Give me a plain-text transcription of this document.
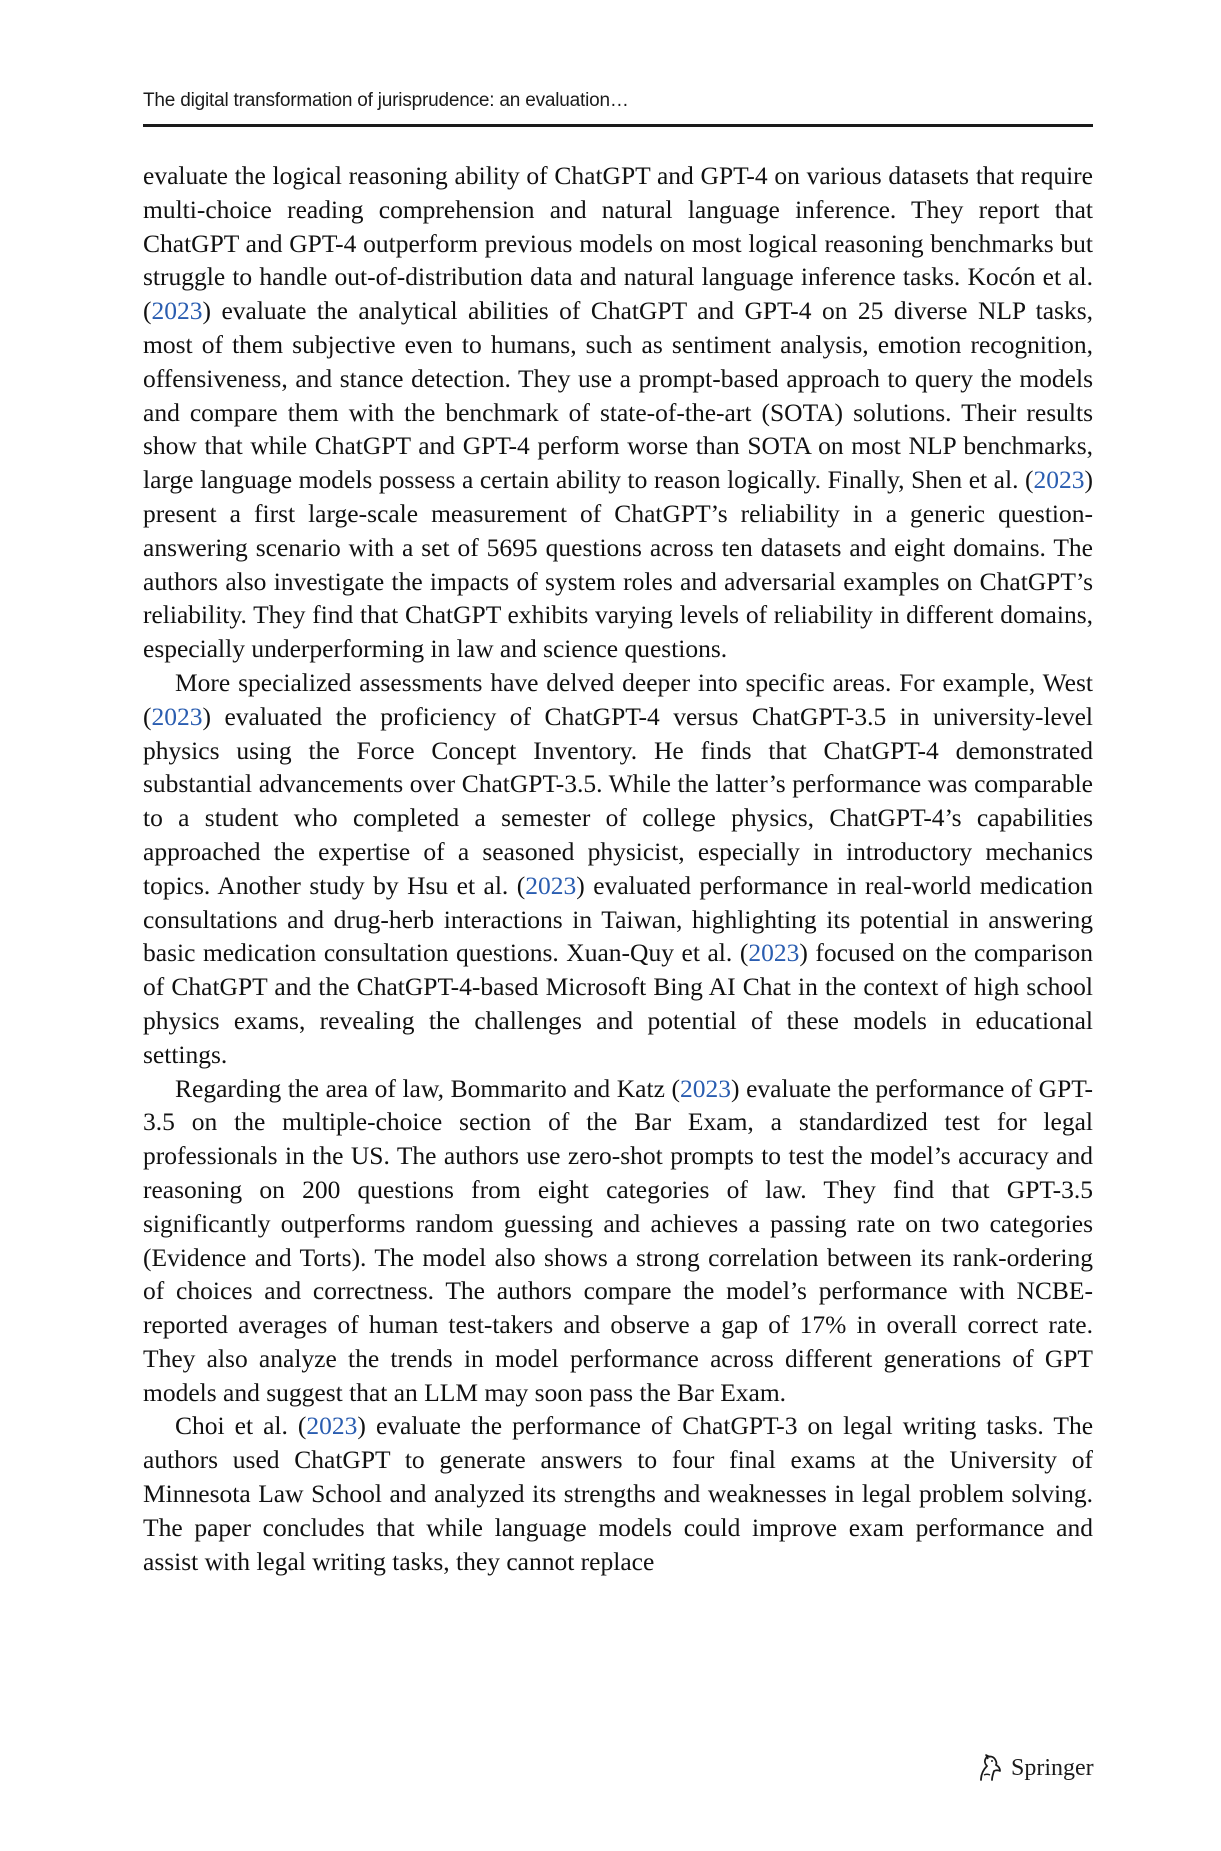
The digital transformation of jurisprudence: an evaluation…

evaluate the logical reasoning ability of ChatGPT and GPT-4 on various datasets that require multi-choice reading comprehension and natural language inference. They report that ChatGPT and GPT-4 outperform previous models on most logical reasoning benchmarks but struggle to handle out-of-distribution data and natural language inference tasks. Kocón et al. (2023) evaluate the analytical abilities of ChatGPT and GPT-4 on 25 diverse NLP tasks, most of them subjective even to humans, such as sentiment analysis, emotion recognition, offensiveness, and stance detection. They use a prompt-based approach to query the models and compare them with the benchmark of state-of-the-art (SOTA) solutions. Their results show that while ChatGPT and GPT-4 perform worse than SOTA on most NLP benchmarks, large language models possess a certain ability to reason logically. Finally, Shen et al. (2023) present a first large-scale measurement of ChatGPT’s reliability in a generic question-answering scenario with a set of 5695 questions across ten datasets and eight domains. The authors also investigate the impacts of system roles and adversarial examples on ChatGPT’s reliability. They find that ChatGPT exhibits varying levels of reliability in different domains, especially underperforming in law and science questions.

More specialized assessments have delved deeper into specific areas. For example, West (2023) evaluated the proficiency of ChatGPT-4 versus ChatGPT-3.5 in university-level physics using the Force Concept Inventory. He finds that ChatGPT-4 demonstrated substantial advancements over ChatGPT-3.5. While the latter’s performance was comparable to a student who completed a semester of college physics, ChatGPT-4’s capabilities approached the expertise of a seasoned physicist, especially in introductory mechanics topics. Another study by Hsu et al. (2023) evaluated performance in real-world medication consultations and drug-herb interactions in Taiwan, highlighting its potential in answering basic medication consultation questions. Xuan-Quy et al. (2023) focused on the comparison of ChatGPT and the ChatGPT-4-based Microsoft Bing AI Chat in the context of high school physics exams, revealing the challenges and potential of these models in educational settings.

Regarding the area of law, Bommarito and Katz (2023) evaluate the performance of GPT-3.5 on the multiple-choice section of the Bar Exam, a standardized test for legal professionals in the US. The authors use zero-shot prompts to test the model’s accuracy and reasoning on 200 questions from eight categories of law. They find that GPT-3.5 significantly outperforms random guessing and achieves a passing rate on two categories (Evidence and Torts). The model also shows a strong correlation between its rank-ordering of choices and correctness. The authors compare the model’s performance with NCBE-reported averages of human test-takers and observe a gap of 17% in overall correct rate. They also analyze the trends in model performance across different generations of GPT models and suggest that an LLM may soon pass the Bar Exam.

Choi et al. (2023) evaluate the performance of ChatGPT-3 on legal writing tasks. The authors used ChatGPT to generate answers to four final exams at the University of Minnesota Law School and analyzed its strengths and weaknesses in legal problem solving. The paper concludes that while language models could improve exam performance and assist with legal writing tasks, they cannot replace

Springer
